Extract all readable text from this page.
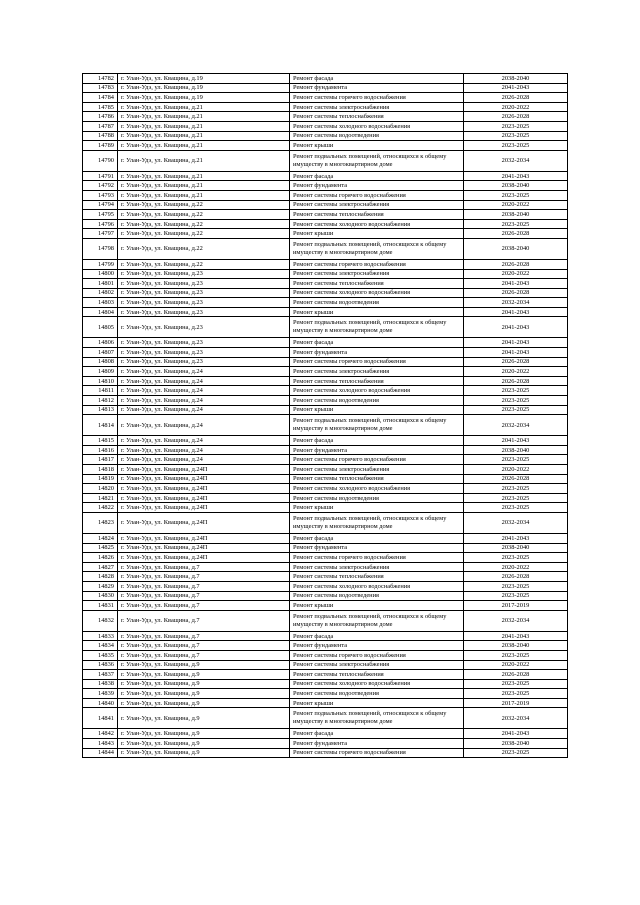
14782	г. Улан-Удэ, ул. Кващина, д.19	Ремонт фасада	2038-2040
14783	г. Улан-Удэ, ул. Кващина, д.19	Ремонт фундамента	2041-2043
14784	г. Улан-Удэ, ул. Кващина, д.19	Ремонт системы горячего водоснабжения	2026-2028
14785	г. Улан-Удэ, ул. Кващина, д.21	Ремонт системы электроснабжения	2020-2022
14786	г. Улан-Удэ, ул. Кващина, д.21	Ремонт системы теплоснабжения	2026-2028
14787	г. Улан-Удэ, ул. Кващина, д.21	Ремонт системы холодного водоснабжения	2023-2025
14788	г. Улан-Удэ, ул. Кващина, д.21	Ремонт системы водоотведения	2023-2025
14789	г. Улан-Удэ, ул. Кващина, д.21	Ремонт крыши	2023-2025
14790	г. Улан-Удэ, ул. Кващина, д.21	Ремонт подвальных помещений, относящихся к общему имуществу в многоквартирном доме	2032-2034
14791	г. Улан-Удэ, ул. Кващина, д.21	Ремонт фасада	2041-2043
14792	г. Улан-Удэ, ул. Кващина, д.21	Ремонт фундамента	2038-2040
14793	г. Улан-Удэ, ул. Кващина, д.21	Ремонт системы горячего водоснабжения	2023-2025
14794	г. Улан-Удэ, ул. Кващина, д.22	Ремонт системы электроснабжения	2020-2022
14795	г. Улан-Удэ, ул. Кващина, д.22	Ремонт системы теплоснабжения	2038-2040
14796	г. Улан-Удэ, ул. Кващина, д.22	Ремонт системы холодного водоснабжения	2023-2025
14797	г. Улан-Удэ, ул. Кващина, д.22	Ремонт крыши	2026-2028
14798	г. Улан-Удэ, ул. Кващина, д.22	Ремонт подвальных помещений, относящихся к общему имуществу в многоквартирном доме	2038-2040
14799	г. Улан-Удэ, ул. Кващина, д.22	Ремонт системы горячего водоснабжения	2026-2028
14800	г. Улан-Удэ, ул. Кващина, д.23	Ремонт системы электроснабжения	2020-2022
14801	г. Улан-Удэ, ул. Кващина, д.23	Ремонт системы теплоснабжения	2041-2043
14802	г. Улан-Удэ, ул. Кващина, д.23	Ремонт системы холодного водоснабжения	2026-2028
14803	г. Улан-Удэ, ул. Кващина, д.23	Ремонт системы водоотведения	2032-2034
14804	г. Улан-Удэ, ул. Кващина, д.23	Ремонт крыши	2041-2043
14805	г. Улан-Удэ, ул. Кващина, д.23	Ремонт подвальных помещений, относящихся к общему имуществу в многоквартирном доме	2041-2043
14806	г. Улан-Удэ, ул. Кващина, д.23	Ремонт фасада	2041-2043
14807	г. Улан-Удэ, ул. Кващина, д.23	Ремонт фундамента	2041-2043
14808	г. Улан-Удэ, ул. Кващина, д.23	Ремонт системы горячего водоснабжения	2026-2028
14809	г. Улан-Удэ, ул. Кващина, д.24	Ремонт системы электроснабжения	2020-2022
14810	г. Улан-Удэ, ул. Кващина, д.24	Ремонт системы теплоснабжения	2026-2028
14811	г. Улан-Удэ, ул. Кващина, д.24	Ремонт системы холодного водоснабжения	2023-2025
14812	г. Улан-Удэ, ул. Кващина, д.24	Ремонт системы водоотведения	2023-2025
14813	г. Улан-Удэ, ул. Кващина, д.24	Ремонт крыши	2023-2025
14814	г. Улан-Удэ, ул. Кващина, д.24	Ремонт подвальных помещений, относящихся к общему имуществу в многоквартирном доме	2032-2034
14815	г. Улан-Удэ, ул. Кващина, д.24	Ремонт фасада	2041-2043
14816	г. Улан-Удэ, ул. Кващина, д.24	Ремонт фундамента	2038-2040
14817	г. Улан-Удэ, ул. Кващина, д.24	Ремонт системы горячего водоснабжения	2023-2025
14818	г. Улан-Удэ, ул. Кващина, д.24П	Ремонт системы электроснабжения	2020-2022
14819	г. Улан-Удэ, ул. Кващина, д.24П	Ремонт системы теплоснабжения	2026-2028
14820	г. Улан-Удэ, ул. Кващина, д.24П	Ремонт системы холодного водоснабжения	2023-2025
14821	г. Улан-Удэ, ул. Кващина, д.24П	Ремонт системы водоотведения	2023-2025
14822	г. Улан-Удэ, ул. Кващина, д.24П	Ремонт крыши	2023-2025
14823	г. Улан-Удэ, ул. Кващина, д.24П	Ремонт подвальных помещений, относящихся к общему имуществу в многоквартирном доме	2032-2034
14824	г. Улан-Удэ, ул. Кващина, д.24П	Ремонт фасада	2041-2043
14825	г. Улан-Удэ, ул. Кващина, д.24П	Ремонт фундамента	2038-2040
14826	г. Улан-Удэ, ул. Кващина, д.24П	Ремонт системы горячего водоснабжения	2023-2025
14827	г. Улан-Удэ, ул. Кващина, д.7	Ремонт системы электроснабжения	2020-2022
14828	г. Улан-Удэ, ул. Кващина, д.7	Ремонт системы теплоснабжения	2026-2028
14829	г. Улан-Удэ, ул. Кващина, д.7	Ремонт системы холодного водоснабжения	2023-2025
14830	г. Улан-Удэ, ул. Кващина, д.7	Ремонт системы водоотведения	2023-2025
14831	г. Улан-Удэ, ул. Кващина, д.7	Ремонт крыши	2017-2019
14832	г. Улан-Удэ, ул. Кващина, д.7	Ремонт подвальных помещений, относящихся к общему имуществу в многоквартирном доме	2032-2034
14833	г. Улан-Удэ, ул. Кващина, д.7	Ремонт фасада	2041-2043
14834	г. Улан-Удэ, ул. Кващина, д.7	Ремонт фундамента	2038-2040
14835	г. Улан-Удэ, ул. Кващина, д.7	Ремонт системы горячего водоснабжения	2023-2025
14836	г. Улан-Удэ, ул. Кващина, д.9	Ремонт системы электроснабжения	2020-2022
14837	г. Улан-Удэ, ул. Кващина, д.9	Ремонт системы теплоснабжения	2026-2028
14838	г. Улан-Удэ, ул. Кващина, д.9	Ремонт системы холодного водоснабжения	2023-2025
14839	г. Улан-Удэ, ул. Кващина, д.9	Ремонт системы водоотведения	2023-2025
14840	г. Улан-Удэ, ул. Кващина, д.9	Ремонт крыши	2017-2019
14841	г. Улан-Удэ, ул. Кващина, д.9	Ремонт подвальных помещений, относящихся к общему имуществу в многоквартирном доме	2032-2034
14842	г. Улан-Удэ, ул. Кващина, д.9	Ремонт фасада	2041-2043
14843	г. Улан-Удэ, ул. Кващина, д.9	Ремонт фундамента	2038-2040
14844	г. Улан-Удэ, ул. Кващина, д.9	Ремонт системы горячего водоснабжения	2023-2025
